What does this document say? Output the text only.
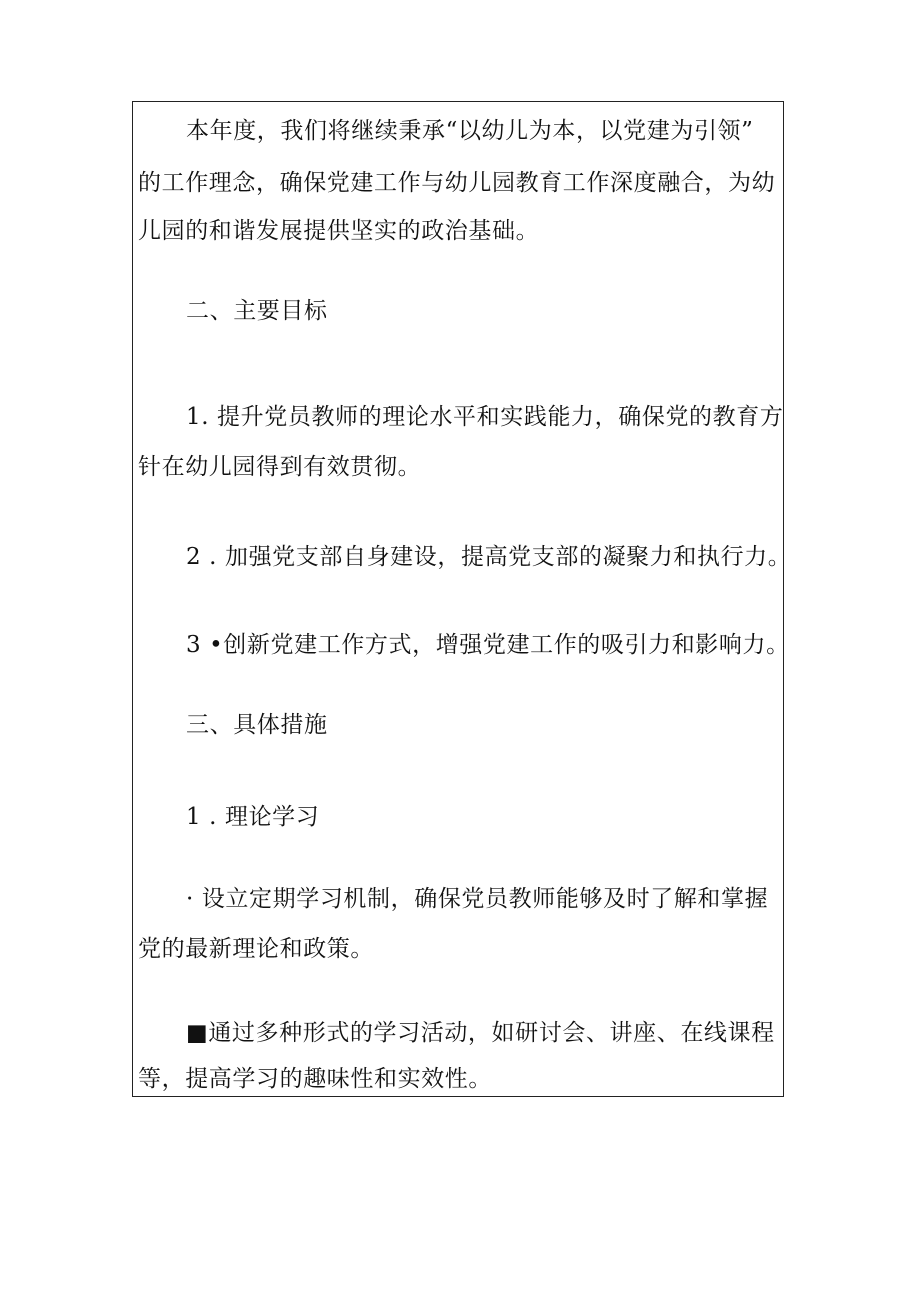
本年度，我们将继续秉承“以幼儿为本，以党建为引领”
的工作理念，确保党建工作与幼儿园教育工作深度融合，为幼
儿园的和谐发展提供坚实的政治基础。
二、主要目标
1. 提升党员教师的理论水平和实践能力，确保党的教育方
针在幼儿园得到有效贯彻。
2 . 加强党支部自身建设，提高党支部的凝聚力和执行力。
3 •创新党建工作方式，增强党建工作的吸引力和影响力。
三、具体措施
1 . 理论学习
· 设立定期学习机制，确保党员教师能够及时了解和掌握
党的最新理论和政策。
■通过多种形式的学习活动，如研讨会、讲座、在线课程
等，提高学习的趣味性和实效性。
